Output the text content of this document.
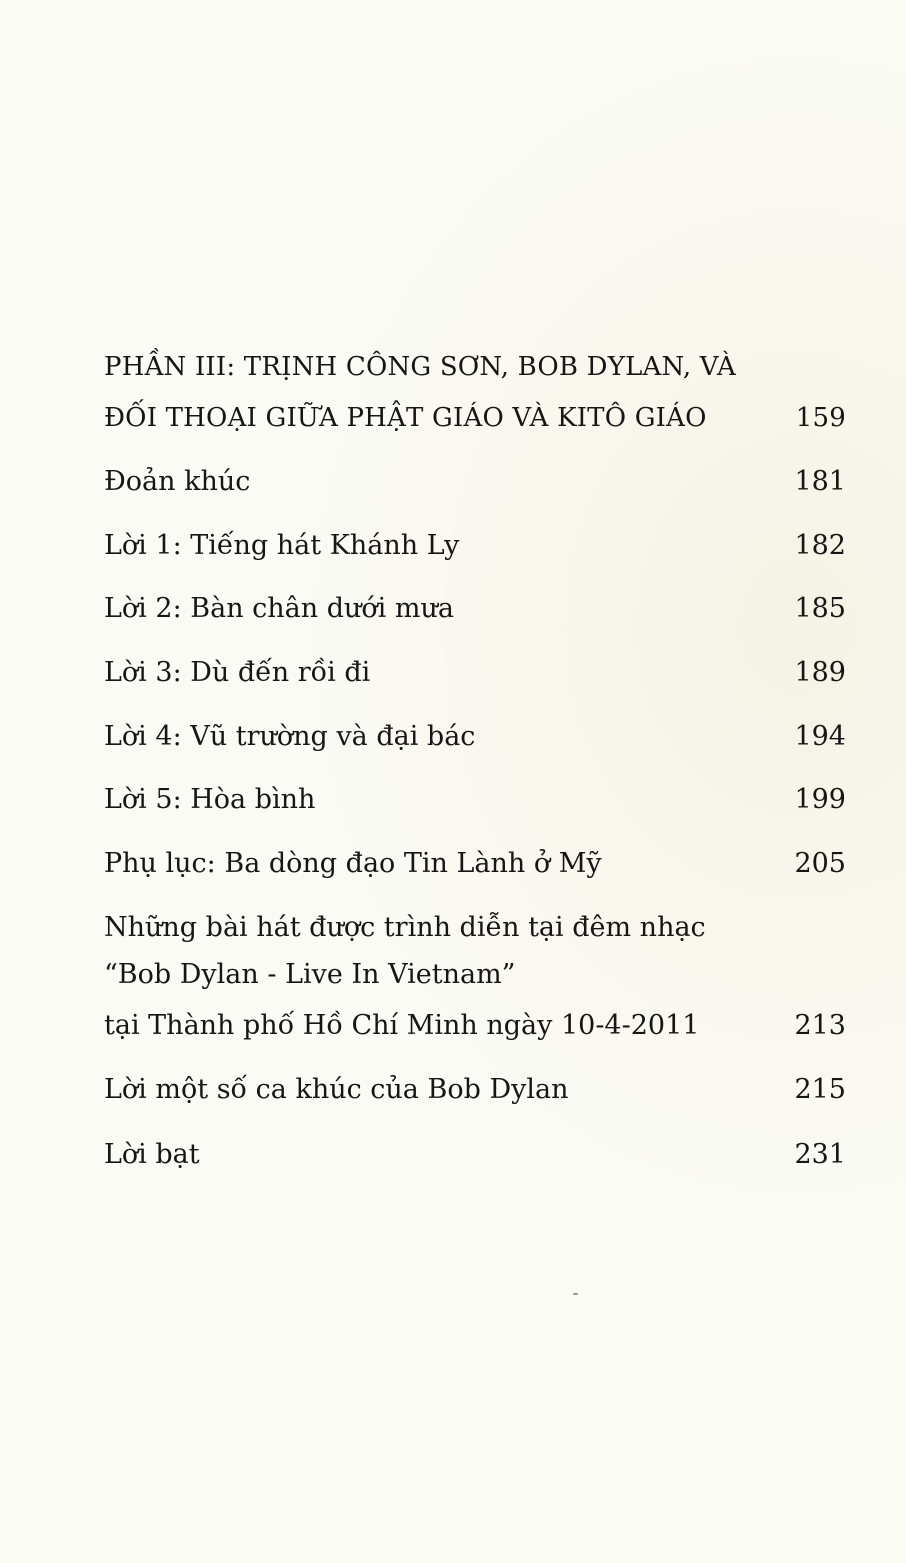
PHẦN III: TRỊNH CÔNG SƠN, BOB DYLAN, VÀ
ĐỐI THOẠI GIỮA PHẬT GIÁO VÀ KITÔ GIÁO	159
Đoản khúc	181
Lời 1: Tiếng hát Khánh Ly	182
Lời 2: Bàn chân dưới mưa	185
Lời 3: Dù đến rồi đi	189
Lời 4: Vũ trường và đại bác	194
Lời 5: Hòa bình	199
Phụ lục: Ba dòng đạo Tin Lành ở Mỹ	205
Những bài hát được trình diễn tại đêm nhạc
“Bob Dylan - Live In Vietnam”
tại Thành phố Hồ Chí Minh ngày 10-4-2011	213
Lời một số ca khúc của Bob Dylan	215
Lời bạt	231
